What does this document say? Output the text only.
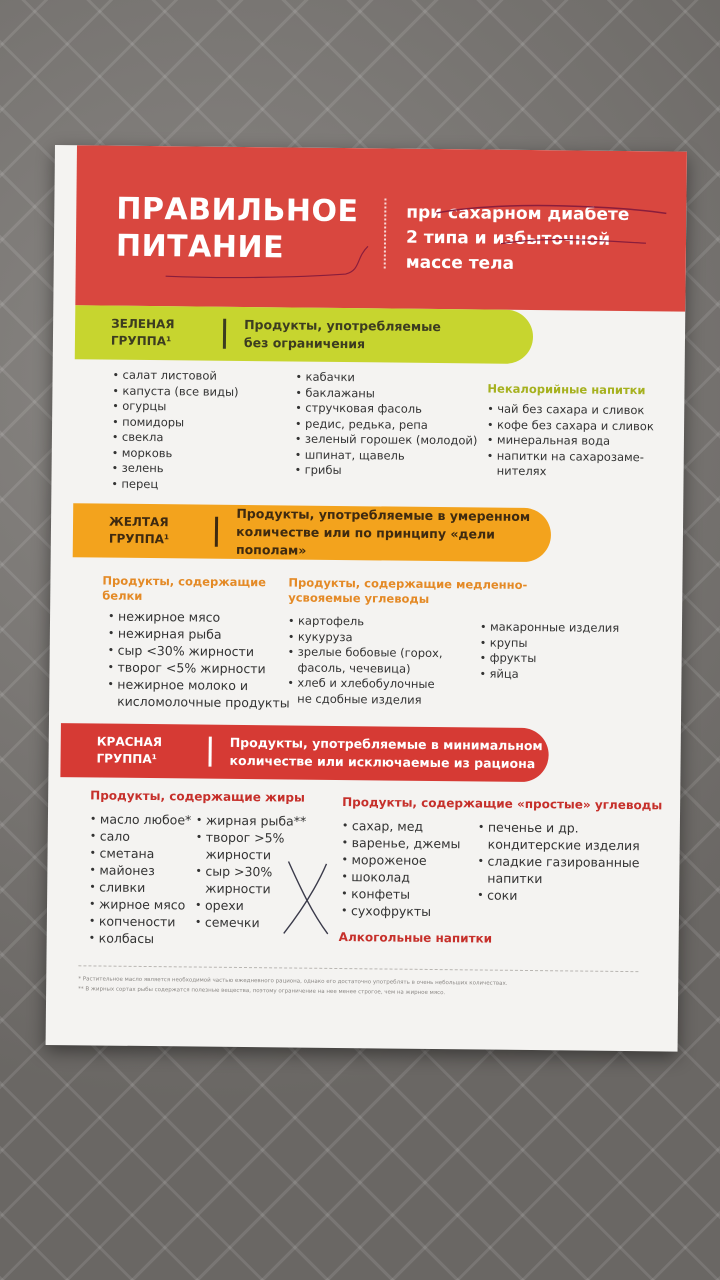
ПРАВИЛЬНОЕ
ПИТАНИЕ
при сахарном диабете
2 типа и избыточной
массе тела
ЗЕЛЕНАЯ
ГРУППА¹
Продукты, употребляемые
без ограничения
• салат листовой
• капуста (все виды)
• огурцы
• помидоры
• свекла
• морковь
• зелень
• перец
• кабачки
• баклажаны
• стручковая фасоль
• редис, редька, репа
• зеленый горошек (молодой)
• шпинат, щавель
• грибы
Некалорийные напитки
• чай без сахара и сливок
• кофе без сахара и сливок
• минеральная вода
• напитки на сахарозаме-
нителях
ЖЕЛТАЯ
ГРУППА¹
Продукты, употребляемые в умеренном
количестве или по принципу «дели пополам»
Продукты, содержащие
белки
• нежирное мясо
• нежирная рыба
• сыр <30% жирности
• творог <5% жирности
• нежирное молоко и
кисломолочные продукты
Продукты, содержащие медленно-
усвояемые углеводы
• картофель
• кукуруза
• зрелые бобовые (горох,
фасоль, чечевица)
• хлеб и хлебобулочные
не сдобные изделия
• макаронные изделия
• крупы
• фрукты
• яйца
КРАСНАЯ
ГРУППА¹
Продукты, употребляемые в минимальном
количестве или исключаемые из рациона
Продукты, содержащие жиры
• масло любое*
• сало
• сметана
• майонез
• сливки
• жирное мясо
• копчености
• колбасы
• жирная рыба**
• творог >5%
жирности
• сыр >30%
жирности
• орехи
• семечки
Продукты, содержащие «простые» углеводы
• сахар, мед
• варенье, джемы
• мороженое
• шоколад
• конфеты
• сухофрукты
• печенье и др.
кондитерские изделия
• сладкие газированные
напитки
• соки
Алкогольные напитки
* Растительное масло является необходимой частью ежедневного рациона, однако его достаточно употреблять в очень небольших количествах.
** В жирных сортах рыбы содержатся полезные вещества, поэтому ограничение на нее менее строгое, чем на жирное мясо.
